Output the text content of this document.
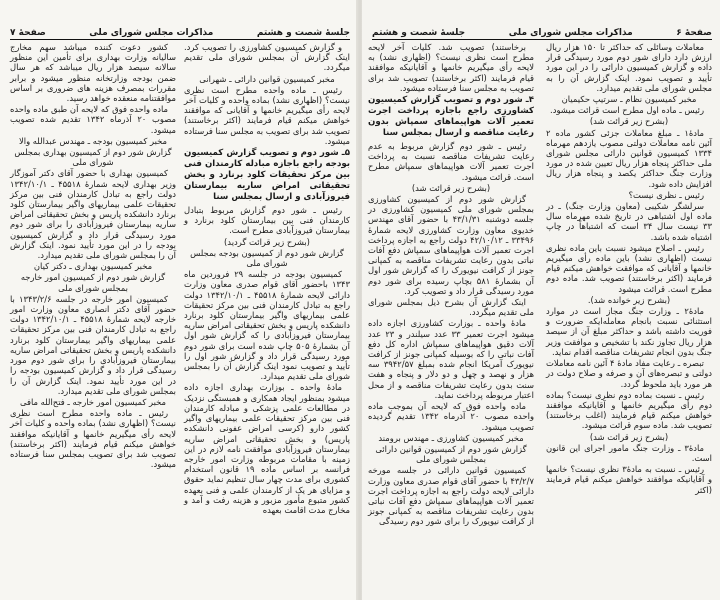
جلسهٔ شصت و هشتم
مذاکرات مجلس شورای ملی
صفحهٔ ۷

و گزارش کمیسیون کشاورزی را تصویب کرد. اینک گزارش آن بمجلس شورای ملی تقدیم میگردد.

مخبر کمیسیون قوانین دارائی ـ شهرانی

رئیس ـ ماده واحده مطرح است نظری نیست؟ (اظهاری نشد) بماده واحده و کلیات آخر لایحه رأی میگیریم خانمها و آقایانی که موافقند خواهش میکنم قیام فرمایند (اکثر برخاستند) تصویب شد برای تصویب به مجلس سنا فرستاده میشود.

۵ـ شور دوم و تصویب گزارش کمیسیون بودجه راجع باجازه مبادله کارمندان فنی بین مرکز تحقیقات کلود برنارد و بخش تحقیقاتی امراض ساریه بیمارستان فیروزآبادی و ارسال بمجلس سنا

رئیس ـ شور دوم گزارش مربوط بتبادل کارمندان فنی بین بیمارستان کلود برنارد و بیمارستان فیروزآبادی مطرح است.

(بشرح زیر قرائت گردید)

گزارش شور دوم از کمیسیون بودجه بمجلس شورای ملی

کمیسیون بودجه در جلسه ۲۹ فروردین ماه ۱۳۴۳ باحضور آقای قوام صدری معاون وزارت دارائی لایحه شمارهٔ ۴۵۵۱۸ ـ ۱۳۴۲/۱۰/۱ دولت راجع به تبادل کارمندان فنی بین مرکز تحقیقات علمی بیماریهای واگیر بیمارستان کلود برنارد دانشکده پاریس و بخش تحقیقاتی امراض ساریه بیمارستان فیروزآبادی را که گزارش شور اول آن بشمارهٔ ۵۰۵ چاپ شده است برای شور دوم مورد رسیدگی قرار داد و گزارش شور اول را تأیید و تصویب نمود اینک گزارش آن را بمجلس شورای ملی تقدیم میدارد.

مادهٔ واحده ـ بوزارت بهداری اجازه داده میشود بمنظور ایجاد همکاری و همبستگی نزدیک در مطالعات علمی پزشکی و مبادله کارمندان فنی بین مرکز تحقیقات علمی بیماریهای واگیر کشور دارو (کرسی امراض عفونی دانشکده پاریس) و بخش تحقیقاتی امراض ساریه بیمارستان فیروزآبادی موافقت نامه لازم در این زمینه با مقامات مربوطه وزارت امور خارجه فرانسه بر اساس ماده ۱۹ قانون استخدام کشوری برای مدت چهار سال تنظیم نماید حقوق و مزایای هر یک از کارمندان علمی و فنی بعهده کشور متبوع مأمور مزبور و هزینه رفت و آمد و مخارج مدت اقامت بعهده

کشور دعوت کننده میباشد سهم مخارج سالیانه وزارت بهداری برای تأمین این منظور سالانه سیصد هزار ریال میباشد که هر سال ضمن بودجه وزارتخانه منظور میشود و برابر مقررات بمصرف هزینه های ضروری بر اساس موافقتنامه منعقده خواهد رسید.

ماده واحده فوق که لایحه آن طبق ماده واحده مصوب ۲۰ آذرماه ۱۳۴۲ تقدیم شده تصویب میشود.

مخبر کمیسیون بودجه ـ مهندس عبدالله والا

گزارش شور دوم از کمیسیون بهداری بمجلس شورای ملی

کمیسیون بهداری با حضور آقای دکتر آموزگار وزیر بهداری لایحه شمارهٔ ۴۵۵۱۸ ـ ۱۳۴۲/۱۰/۱ دولت راجع به تبادل کارمندان فنی بین مرکز تحقیقات علمی بیماریهای واگیر بیمارستان کلود برنارد دانشکده پاریس و بخش تحقیقاتی امراض ساریه بیمارستان فیروزآبادی را برای شور دوم مورد رسیدگی قرار داد و گزارش کمیسیون بودجه را در این مورد تأیید نمود. اینک گزارش آن را بمجلس شورای ملی تقدیم میدارد.

مخبر کمیسیون بهداری ـ دکتر کیان

گزارش شور دوم از کمیسیون امور خارجه بمجلس شورای ملی

کمیسیون امور خارجه در جلسه ۱۳۴۳/۲/۶ با حضور آقای دکتر انصاری معاون وزارت امور خارجه لایحه شمارهٔ ۴۵۵۱۸ ـ ۱۳۴۲/۱۰/۱ دولت راجع به تبادل کارمندان فنی بین مرکز تحقیقات علمی بیماریهای واگیر بیمارستان کلود برنارد دانشکده پاریس و بخش تحقیقاتی امراض ساریه بیمارستان فیروزآبادی را برای شور دوم مورد رسیدگی قرار داد و گزارش کمیسیون بودجه را در این مورد تأیید نمود. اینک گزارش آن را بمجلس شورای ملی تقدیم میدارد.

مخبر کمیسیون امور خارجه ـ فتح‌الله مافی

رئیس ـ ماده واحده مطرح است نظری نیست؟ (اظهاری نشد) بماده واحده و کلیات آخر لایحه رأی میگیریم خانمها و آقایانیکه موافقند خواهش میکنم قیام فرمایند (اکثر برخاستند) تصویب شد برای تصویب بمجلس سنا فرستاده میشود.

صفحهٔ ۶
مذاکرات مجلس شورای ملی
جلسهٔ شصت و هشتم

معاملات وسائلی که حداکثر تا ۱۵۰ هزار ریال ارزش دارد دارای شور دوم مورد رسیدگی قرار داده و گزارش کمیسیون دارائی را در این مورد تأیید و تصویب نمود. اینک گزارش آن را به مجلس شورای ملی تقدیم میدارد.

مخبر کمیسیون نظام ـ سرتیپ حکیمیان

رئیس ـ ماده اول مطرح است قرائت میشود.

(بشرح زیر قرائت شد)

مادهٔ۱ ـ مبلغ معاملات جزئی کشور ماده ۲ آئین نامه معاملات دولتی مصوب یازدهم مهرماه ۱۳۳۴ کمیسیون قوانین دارائی مجلس شورای ملی حداکثر پنجاه هزار ریال تعیین شده در مورد وزارت جنگ حداکثر یکصد و پنجاه هزار ریال افزایش داده شود.

رئیس ـ نظری نیست؟

سرلشگر شکیبی (معاون وزارت جنگ) ـ در ماده اول اشتباهی در تاریخ شده مهرماه سال ۳۳ نیست سال ۳۴ است که اشتباهاً در چاپ اشتباه شده باشد.

رئیس ـ اصلاح میشود نسبت باین ماده نظری نیست (اظهاری نشد) باین ماده رأی میگیریم خانمها و آقایانی که موافقت خواهش میکنم قیام فرمایند (اکثر برخاستند) تصویب شد. ماده دوم مطرح است. قرائت میشود

(بشرح زیر خوانده شد).

مادهٔ۲ ـ وزارت جنگ مجاز است در موارد استثنائی نسبت بانجام معامله‌ایکه ضرورت و فوریت داشته باشد و حداکثر مبلغ آن از سیصد هزار ریال تجاوز نکند با تشخیص و موافقت وزیر جنگ بدون انجام تشریفات مناقصه اقدام نماید.

تبصره ـ رعایت مفاد مادهٔ ۴ آئین نامه معاملات دولتی و تبصره‌های آن و صرفه و صلاح دولت در هر مورد باید ملحوظ گردد.

رئیس ـ نسبت بماده دوم نظری نیست؟ بماده دوم رأی میگیریم خانمها و آقایانیکه موافقند خواهش میکنم قیام فرمایند (اغلب برخاستند) تصویب شد. ماده سوم قرائت میشود.

(بشرح زیر قرائت شد)

مادهٔ۳ ـ وزارت جنگ مامور اجرای این قانون است.

رئیس ـ نسبت به مادهٔ۳ نظری نیست؟ خانمها و آقایانیکه موافقند خواهش میکنم قیام فرمایند (اکثر

برخاستند) تصویب شد. کلیات آخر لایحه مطرح است نظری نیست؟ (اظهاری نشد) به لایحه رأی میگیریم خانمها و آقایانیکه موافقند قیام فرمایند (اکثر برخاستند) تصویب شد برای تصویب به مجلس سنا فرستاده میشود.

۴ـ شور دوم و تصویب گزارش کمیسیون کشاورزی راجع باجازه پرداخت اجرت تعمیر آلات هواپیماهای سمپاش بدون رعایت مناقصه و ارسال بمجلس سنا

رئیس ـ شور دوم گزارش مربوط به عدم رعایت تشریفات مناقصه نسبت به پرداخت اجرت تعمیر آلات هواپیماهای سمپاش مطرح است. قرائت میشود.

(بشرح زیر قرائت شد)

گزارش شور دوم از کمیسیون کشاورزی بمجلس شورای ملی کمیسیون کشاورزی در جلسه دوشنبه ۴۳/۱/۳۱ با حضور آقای مهندس خدیوی معاون وزارت کشاورزی لایحه شمارهٔ ۳۳۴۹۶ ـ ۴۲/۱۰/۱۲ دولت راجع به اجازه پرداخت اجرت تعمیر آلات هواپیماهای سمپاش دفع آفات نباتی بدون رعایت تشریفات مناقصه به کمپانی جونز از کرافت نیویورک را که گزارش شور اول آن بشمارهٔ ۵۸۱ بچاپ رسیده برای شور دوم مورد رسیدگی قرار داد و تصویب کرد.

اینک گزارش آن بشرح ذیل بمجلس شورای ملی تقدیم میگردد.

مادهٔ واحده ـ بوزارت کشاورزی اجازه داده میشود اجرت تعمیر ۳۳ عدد سیلندر و ۲۳ عدد آلات دقیق هواپیماهای سمپاش اداره کل دفع آفات نباتی را که بوسیله کمپانی جونز از کرافت نیویورک آمریکا انجام شده بمبلغ ۳۹۴۲/۵۷ سه هزار و نهصد و چهل و دو دلار و پنجاه و هفت سنت بدون رعایت تشریفات مناقصه و از محل اعتبار مربوطه پرداخت نماید.

ماده واحده فوق که لایحه آن بموجب ماده واحده مصوب ۲۰ آذرماه ۱۳۴۲ تقدیم گردیده تصویب میشود.

مخبر کمیسیون کشاورزی ـ مهندس برومند

گزارش شور دوم از کمیسیون قوانین دارائی بمجلس شورای ملی

کمیسیون قوانین دارائی در جلسه مورخه ۴۳/۲/۷ با حضور آقای قوام صدری معاون وزارت دارائی لایحه دولت راجع به اجازه پرداخت اجرت تعمیر آلات هواپیماهای سمپاش دفع آفات نباتی بدون رعایت تشریفات مناقصه به کمپانی جونز از کرافت نیویورک را برای شور دوم رسیدگی
